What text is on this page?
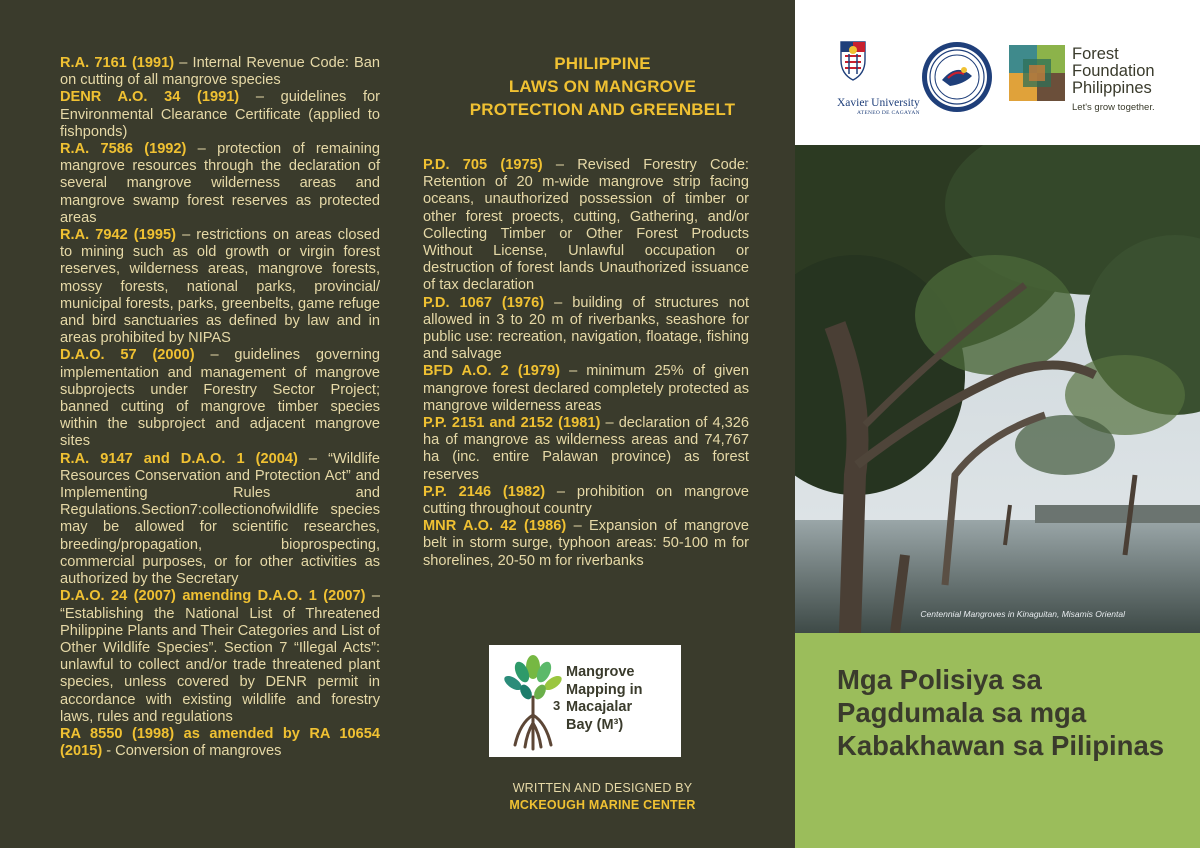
R.A. 7161 (1991) – Internal Revenue Code: Ban on cutting of all mangrove species

DENR A.O. 34 (1991) – guidelines for Environmental Clearance Certificate (applied to fishponds)

R.A. 7586 (1992) – protection of remaining mangrove resources through the declaration of several mangrove wilderness areas and mangrove swamp forest reserves as protected areas

R.A. 7942 (1995) – restrictions on areas closed to mining such as old growth or virgin forest reserves, wilderness areas, mangrove forests, mossy forests, national parks, provincial/ municipal forests, parks, greenbelts, game refuge and bird sanctuaries as defined by law and in areas prohibited by NIPAS

D.A.O. 57 (2000) – guidelines governing implementation and management of mangrove subprojects under Forestry Sector Project; banned cutting of mangrove timber species within the subproject and adjacent mangrove sites

R.A. 9147 and D.A.O. 1 (2004) – “Wildlife Resources Conservation and Protection Act” and Implementing Rules and Regulations.Section7:collectionofwildlife species may be allowed for scientific researches, breeding/propagation, bioprospecting, commercial purposes, or for other activities as authorized by the Secretary

D.A.O. 24 (2007) amending D.A.O. 1 (2007) – “Establishing the National List of Threatened Philippine Plants and Their Categories and List of Other Wildlife Species”. Section 7 “Illegal Acts”: unlawful to collect and/or trade threatened plant species, unless covered by DENR permit in accordance with existing wildlife and forestry laws, rules and regulations

RA 8550 (1998) as amended by RA 10654 (2015) - Conversion of mangroves

PHILIPPINE
LAWS ON MANGROVE
PROTECTION AND GREENBELT

P.D. 705 (1975) – Revised Forestry Code: Retention of 20 m-wide mangrove strip facing oceans, unauthorized possession of timber or other forest proects, cutting, Gathering, and/or Collecting Timber or Other Forest Products Without License, Unlawful occupation or destruction of forest lands Unauthorized issuance of tax declaration

P.D. 1067 (1976) – building of structures not allowed in 3 to 20 m of riverbanks, seashore for public use: recreation, navigation, floatage, fishing and salvage

BFD A.O. 2 (1979) – minimum 25% of given mangrove forest declared completely protected as mangrove wilderness areas

P.P. 2151 and 2152 (1981) – declaration of 4,326 ha of mangrove as wilderness areas and 74,767 ha (inc. entire Palawan province) as forest reserves

P.P. 2146 (1982) – prohibition on mangrove cutting throughout country

MNR A.O. 42 (1986) – Expansion of mangrove belt in storm surge, typhoon areas: 50-100 m for shorelines, 20-50 m for riverbanks

3
Mangrove
Mapping in
Macajalar
Bay (M³)
WRITTEN AND DESIGNED BY
MCKEOUGH MARINE CENTER
Xavier University
ATENEO DE CAGAYAN
Forest
Foundation
Philippines
Let's grow together.
Centennial Mangroves in Kinaguitan, Misamis Oriental
Mga Polisiya sa Pagdumala sa mga Kabakhawan sa Pilipinas
